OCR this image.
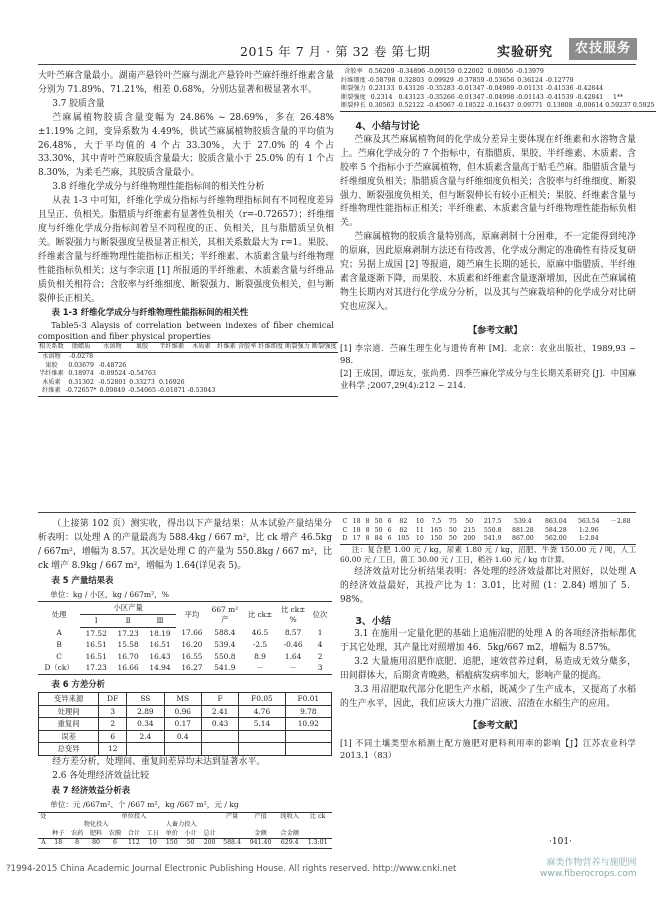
2015 年 7 月 · 第 32 卷 第七期	实验研究	农技服务

大叶苎麻含量最小。湖南产悬铃叶苎麻与湖北产悬铃叶苎麻纤维纤维素含量分别为 71.89%、71.21%，相差 0.68%，分别达显著和极显著水平。

3.7 胶质含量

苎麻属植物胶质含量变幅为 24.86% ~ 28.69%，多在 26.48%±1.19% 之间，变异系数为 4.49%，供试苎麻属植物胶质含量的平均值为 26.48%，大于平均值的 4 个占 33.30%，大于 27.0% 的 4 个占 33.30%，其中青叶苎麻胶质含量最大；胶质含量小于 25.0% 的有 1 个占 8.30%，为柔毛苎麻，其胶质含量最小。

3.8 纤维化学成分与纤维物理性能指标间的相关性分析

从表 1-3 中可知，纤维化学成分指标与纤维物理指标间有不同程度差异且呈正、负相关。脂腊质与纤维素有显著性负相关（r=-0.72657）；纤维细度与纤维化学成分指标间着呈不同程度的正、负相关，且与脂腊质呈负相关。断裂强力与断裂强度呈极显著正相关，其相关系数最大为 r=1。果胶、纤维素含量与纤维物理性能指标正相关；半纤维素、木质素含量与纤维物理性能指标负相关；这与李宗道 [1] 所报道的半纤维素、木质素含量与纤维品质负相关相符合；含胶率与纤维细度、断裂强力、断裂强度负相关，但与断裂伸长正相关。

表 1-3 纤维化学成分与纤维物理性能指标间的相关性

Table5-3 Alaysis of correlation between indexes of fiber chemical composition and fiber physical properties

相关系数	脂蜡质	水溶物	果胶	半纤维素	木质素	纤维素	含胶率	纤维细度	断裂强力	断裂强度
水溶物	-0.0278									
果胶	0.03679	-0.48726								
半纤维素	0.18974	-0.09524	-0.54763							
木质素	0.31302	-0.52801	0.33273	0.16926						
纤维素	-0.72657*	0.09849	-0.54065	-0.01871	-0.53043					
含胶率	0.56209	-0.34896	-0.09159	0.22002	0.08056	-0.13979				
纤维细度	-0.58798	0.32803	0.09929	-0.37859	-0.53656	0.36124	-0.12779			
断裂强力	0.23133	0.43126	-0.35283	-0.01347	-0.04989	-0.01131	-0.41536	-0.42844		
断裂强度	0.2314	0.43123	-0.35266	-0.01347	-0.04998	-0.01143	-0.41539	-0.42841	1**	
断裂伸长	0.30563	0.52122	-0.45067	-0.18522	-0.16437	0.09771	0.13808	-0.00614	0.59237	0.5925

4、小结与讨论

苎麻及其苎麻属植物间的化学成分差异主要体现在纤维素和水溶物含量上。苎麻化学成分的 7 个指标中，有脂腊质、果胶、半纤维素、木质素、含胶率 5 个指标小于苎麻属植物，但木质素含量高于贴毛苎麻。脂腊质含量与纤维细度负相关；脂腊质含量与纤维细度负相关；含胶率与纤维细度、断裂强力、断裂强度负相关，但与断裂伸长有较小正相关；果胶、纤维素含量与纤维物理性能指标正相关；半纤维素、木质素含量与纤维物理性能指标负相关。

苎麻属植物的胶质含量特别高，原麻剥制十分困难，不一定能得到纯净的原麻，因此原麻剥制方法还有待改善，化学成分测定的准确性有待反复研究；另据上成国 [2] 等报道，随苎麻生长期的延长，原麻中脂腊质、半纤维素含量逐渐下降，而果胶、木质素和纤维素含量逐渐增加，因此在苎麻属植物生长期内对其进行化学成分分析，以及其与苎麻栽培种的化学成分对比研究也应深入。

【参考文献】

[1] 李宗道．苎麻生理生化与遗传育种 [M]．北京：农业出版社，1989,93 ~ 98.

[2] 王成国，谭远友，张尚勇．四季苎麻化学成分与生长期关系研究 [J]．中国麻业科学 ;2007,29(4):212 ~ 214.

（上接第 102 页）测实收，得出以下产量结果：从本试验产量结果分析表明：以处理 A 的产量最高为 588.4kg / 667 m²，比 ck 增产 46.5kg / 667m²，增幅为 8.57。其次是处理 C 的产量为 550.8kg / 667 m²，比 ck 增产 8.9kg / 667 m²，增幅为 1.64(详见表 5)。

表 5 产量结果表

单位：kg / 小区，kg / 667m²，%

处理	小区产量			平均	667 m² 产	比 ck±	比 ck±%	位次
	Ⅰ	Ⅱ	Ⅲ					
A	17.52	17.23	18.19	17.66	588.4	46.5	8.57	1
B	16.51	15.58	16.51	16.20	539.4	-2.5	-0.46	4
C	16.51	16.70	16.43	16.55	550.8	8.9	1.64	2
D（ck）	17.23	16.66	14.94	16.27	541.9	－	－	3

表 6 方差分析

变异来源	DF	SS	MS	F	F0.05	F0.01
处理间	3	2.89	0.96	2.41	4.76	9.78
重复间	2	0.34	0.17	0.43	5.14	10.92
误差	6	2.4	0.4			
总变异	12					

经方差分析，处理间、重复间差异均未达到显著水平。

2.6 各处理经济效益比较

表 7 经济效益分析表

单位：元 /667m²、个 /667 m²，kg /667 m²，元 / kg

处	单位投入									产量	产值	纯收入	比 ck
	物化投入					人畜力投入							
	种子	农药	肥料	农膜	合计	工日	单价	小计	总计		金额	合金额	
A	18	8	80	6	112	10	150	50	200	588.4	941.40	629.4	1.3:01
C	18	8	50	6	82	10	7.5	75	50	217.5	539.4	863.04	563.54	－2.88
C	18	8	50	6	82	11	165	50	215	550.8	881.28	584.28	1:2.96	
D	17	8	84	6	105	10	150	50	200	541.9	867.00	562.00	1:2.84	

注：复合肥 1.00 元 / kg，尿素 1.80 元 / kg，沼肥、牛粪 150.00 元 / 吨，人工 60.00 元 / 工日，菌工 30.00 元 / 工日，稻谷 1.60 元 / kg 市计算。

经济效益对比分析结果表明：各处理的经济效益都比对照好，以处理 A 的经济效益最好，其投产比为 1：3.01，比对照 (1：2.84) 增加了 5．98%。

3、小结

3.1 在施用一定量化肥的基础上追施沼肥的处理 A 的各项经济指标都优于其它处理，其产量比对照增加 46．5kg/667 m2，增幅为 8.57%。

3.2 大量施用沼肥作底肥、追肥，速效营养过剩，易造成无效分蘖多，田间群体大，后期贪青晚熟，稻瘟病发病率加大，影响产量的提高。

3.3 用沼肥取代部分化肥生产水稻，既减少了生产成本，又提高了水稻的生产水平，因此，我们应该大力推广沼液、沼渣在水稻生产的应用。

【参考文献】

[1] 不同土壤类型水稻测土配方施肥对肥料利用率的影响【J】江苏农业科学 2013.1（83）

·101·
?1994-2015 China Academic Journal Electronic Publishing House. All rights reserved. http://www.cnki.net
麻类作物营养与施肥网
www.fiberocrops.com
